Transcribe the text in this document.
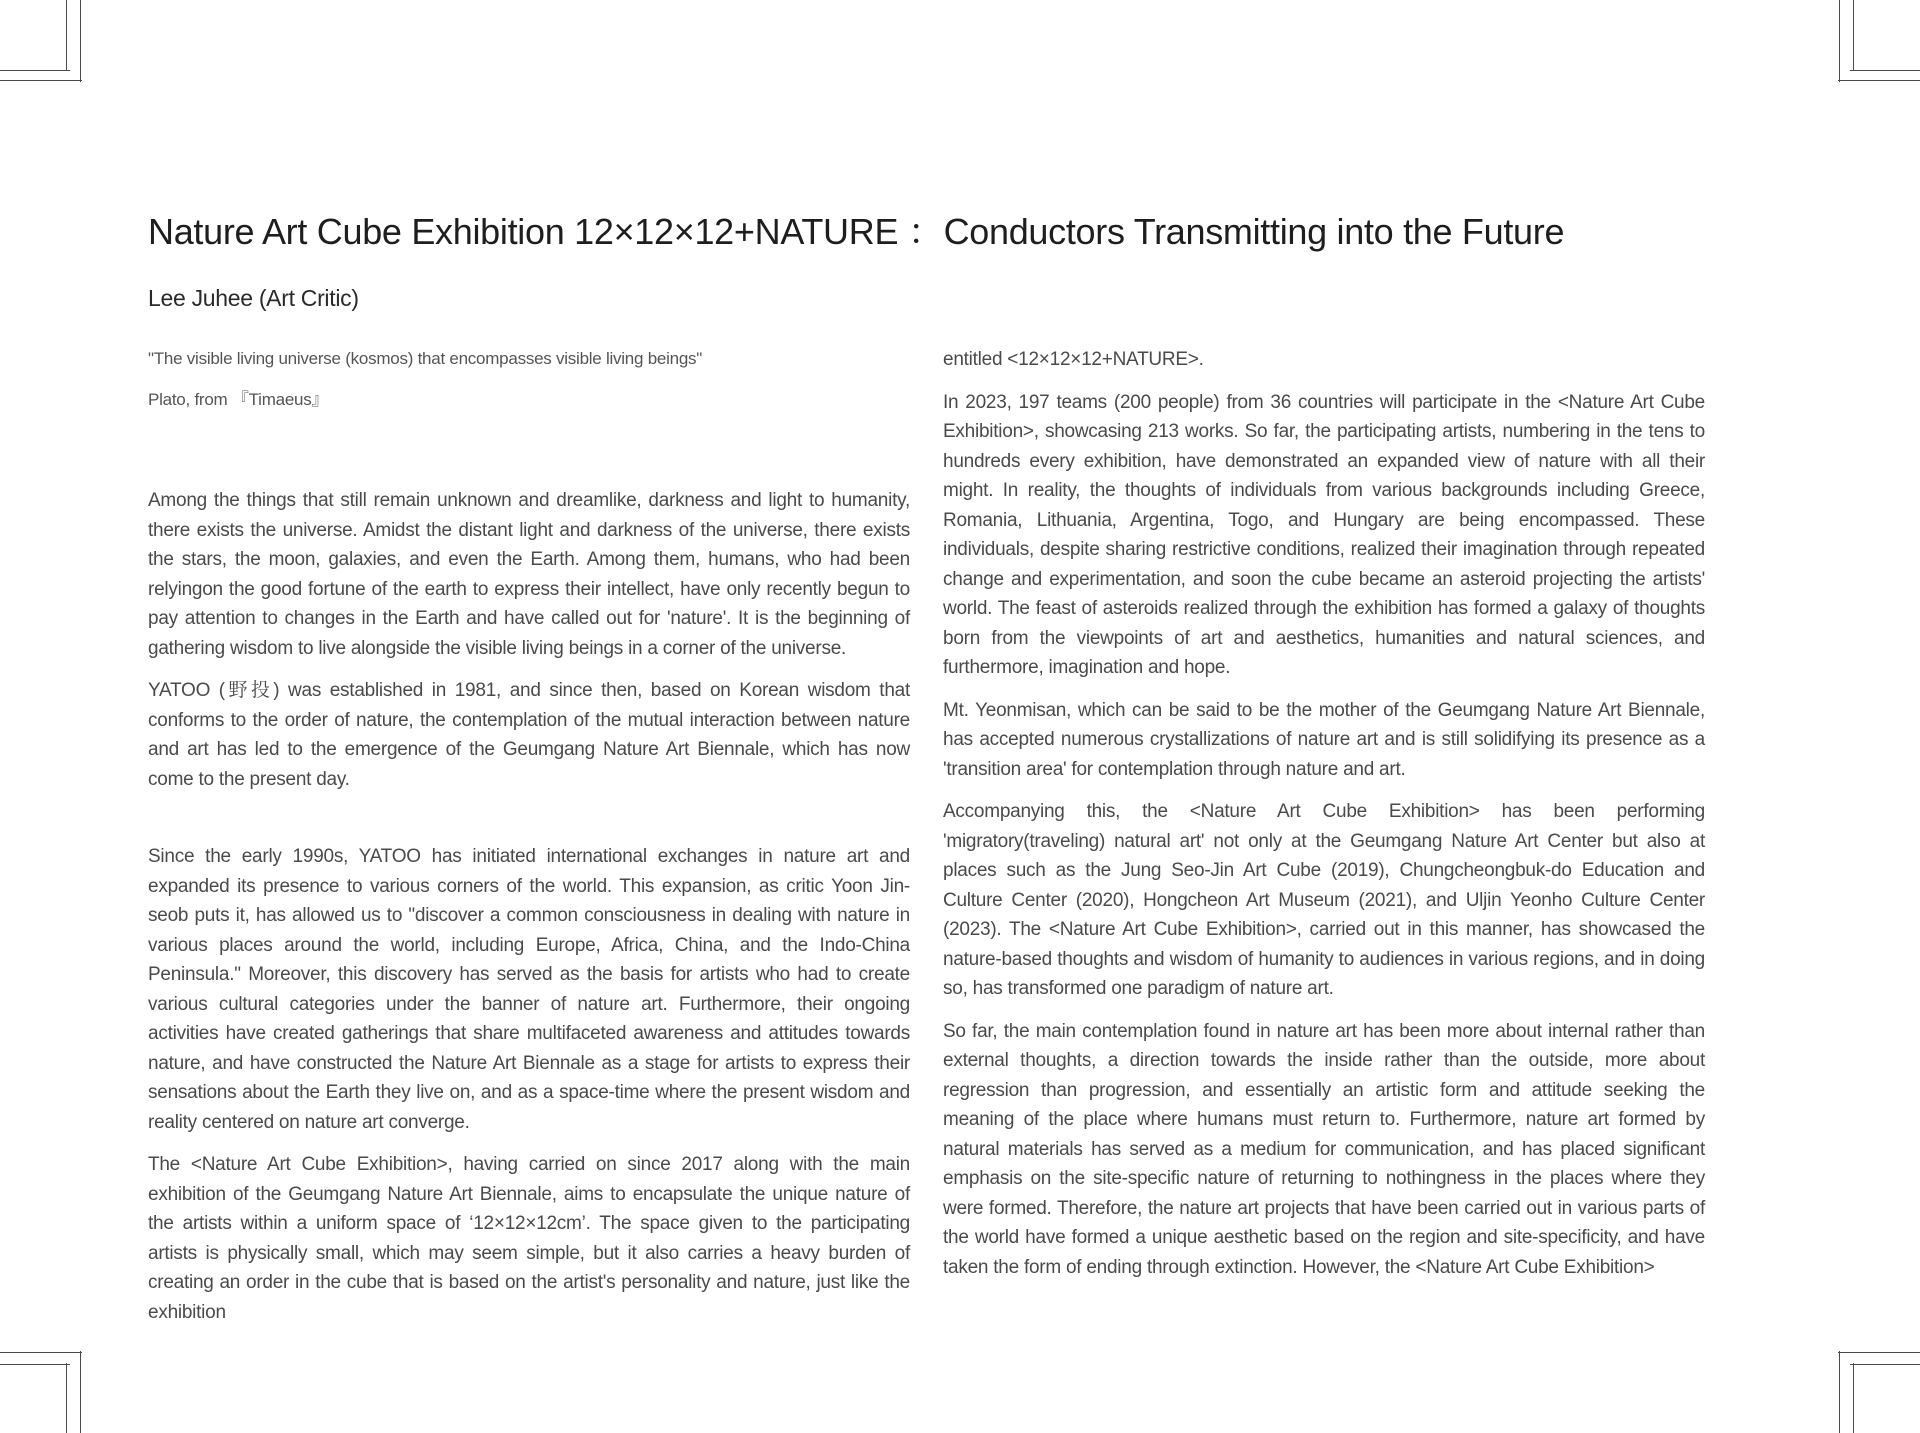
Nature Art Cube Exhibition 12×12×12+NATURE ：Conductors Transmitting into the Future
Lee Juhee (Art Critic)

"The visible living universe (kosmos) that encompasses visible living beings"

Plato, from 『Timaeus』

Among the things that still remain unknown and dreamlike, darkness and light to humanity, there exists the universe. Amidst the distant light and darkness of the universe, there exists the stars, the moon, galaxies, and even the Earth. Among them, humans, who had been relyingon the good fortune of the earth to express their intellect, have only recently begun to pay attention to changes in the Earth and have called out for 'nature'. It is the beginning of gathering wisdom to live alongside the visible living beings in a corner of the universe.

YATOO (野投) was established in 1981, and since then, based on Korean wisdom that conforms to the order of nature, the contemplation of the mutual interaction between nature and art has led to the emergence of the Geumgang Nature Art Biennale, which has now come to the present day.

Since the early 1990s, YATOO has initiated international exchanges in nature art and expanded its presence to various corners of the world. This expansion, as critic Yoon Jin-seob puts it, has allowed us to "discover a common consciousness in dealing with nature in various places around the world, including Europe, Africa, China, and the Indo-China Peninsula." Moreover, this discovery has served as the basis for artists who had to create various cultural categories under the banner of nature art. Furthermore, their ongoing activities have created gatherings that share multifaceted awareness and attitudes towards nature, and have constructed the Nature Art Biennale as a stage for artists to express their sensations about the Earth they live on, and as a space-time where the present wisdom and reality centered on nature art converge.

The <Nature Art Cube Exhibition>, having carried on since 2017 along with the main exhibition of the Geumgang Nature Art Biennale, aims to encapsulate the unique nature of the artists within a uniform space of ‘12×12×12cm’. The space given to the participating artists is physically small, which may seem simple, but it also carries a heavy burden of creating an order in the cube that is based on the artist's personality and nature, just like the exhibition

entitled <12×12×12+NATURE>.

In 2023, 197 teams (200 people) from 36 countries will participate in the <Nature Art Cube Exhibition>, showcasing 213 works. So far, the participating artists, numbering in the tens to hundreds every exhibition, have demonstrated an expanded view of nature with all their might. In reality, the thoughts of individuals from various backgrounds including Greece, Romania, Lithuania, Argentina, Togo, and Hungary are being encompassed. These individuals, despite sharing restrictive conditions, realized their imagination through repeated change and experimentation, and soon the cube became an asteroid projecting the artists' world. The feast of asteroids realized through the exhibition has formed a galaxy of thoughts born from the viewpoints of art and aesthetics, humanities and natural sciences, and furthermore, imagination and hope.

Mt. Yeonmisan, which can be said to be the mother of the Geumgang Nature Art Biennale, has accepted numerous crystallizations of nature art and is still solidifying its presence as a 'transition area' for contemplation through nature and art.

Accompanying this, the <Nature Art Cube Exhibition> has been performing 'migratory(traveling) natural art' not only at the Geumgang Nature Art Center but also at places such as the Jung Seo-Jin Art Cube (2019), Chungcheongbuk-do Education and Culture Center (2020), Hongcheon Art Museum (2021), and Uljin Yeonho Culture Center (2023). The <Nature Art Cube Exhibition>, carried out in this manner, has showcased the nature-based thoughts and wisdom of humanity to audiences in various regions, and in doing so, has transformed one paradigm of nature art.

So far, the main contemplation found in nature art has been more about internal rather than external thoughts, a direction towards the inside rather than the outside, more about regression than progression, and essentially an artistic form and attitude seeking the meaning of the place where humans must return to. Furthermore, nature art formed by natural materials has served as a medium for communication, and has placed significant emphasis on the site-specific nature of returning to nothingness in the places where they were formed. Therefore, the nature art projects that have been carried out in various parts of the world have formed a unique aesthetic based on the region and site-specificity, and have taken the form of ending through extinction. However, the <Nature Art Cube Exhibition>
